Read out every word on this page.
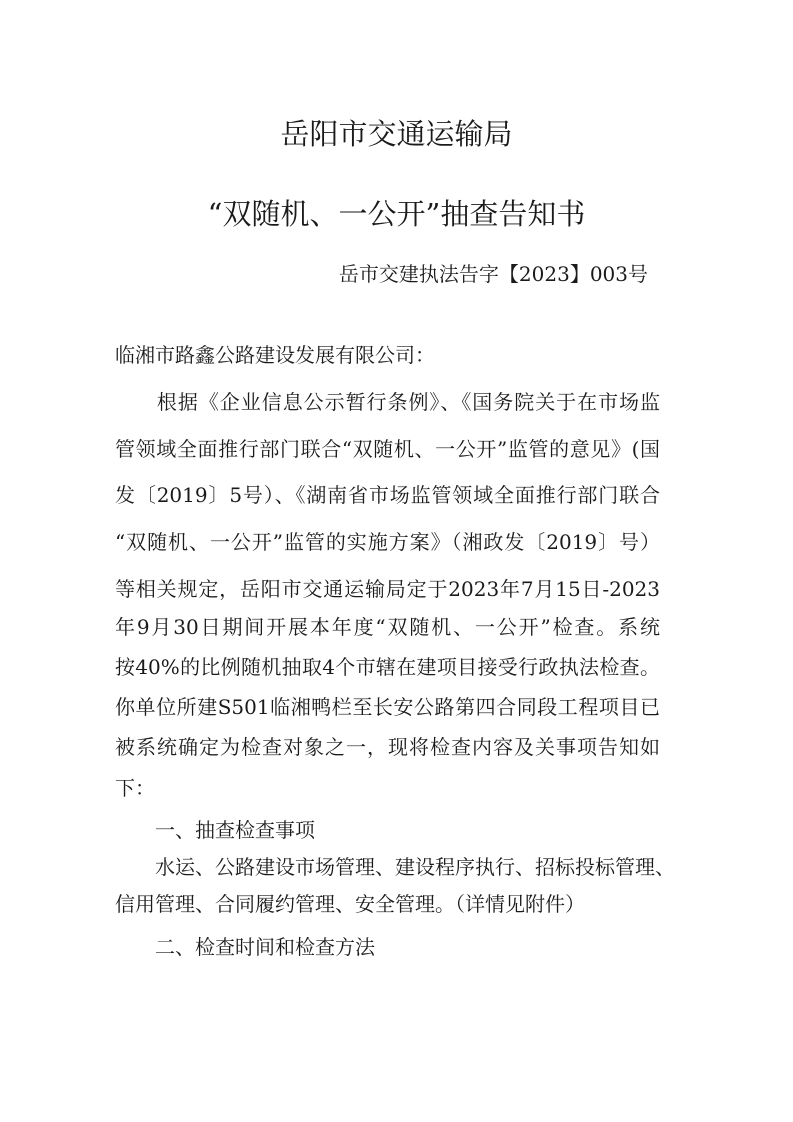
岳阳市交通运输局
“双随机、一公开”抽查告知书
岳市交建执法告字【2023】003号
临湘市路鑫公路建设发展有限公司：
　　根据《企业信息公示暂行条例》、《国务院关于在市场监
管领域全面推行部门联合“双随机、一公开”监管的意见》(国
发〔2019〕5号）、《湖南省市场监管领域全面推行部门联合
“双随机、一公开”监管的实施方案》（湘政发〔2019〕号）
等相关规定，岳阳市交通运输局定于2023年7月15日-2023
年9月30日期间开展本年度“双随机、一公开”检查。系统
按40%的比例随机抽取4个市辖在建项目接受行政执法检查。
你单位所建S501临湘鸭栏至长安公路第四合同段工程项目已
被系统确定为检查对象之一，现将检查内容及关事项告知如
下：
　　一、抽查检查事项
　　水运、公路建设市场管理、建设程序执行、招标投标管理、
信用管理、合同履约管理、安全管理。（详情见附件）
　　二、检查时间和检查方法
